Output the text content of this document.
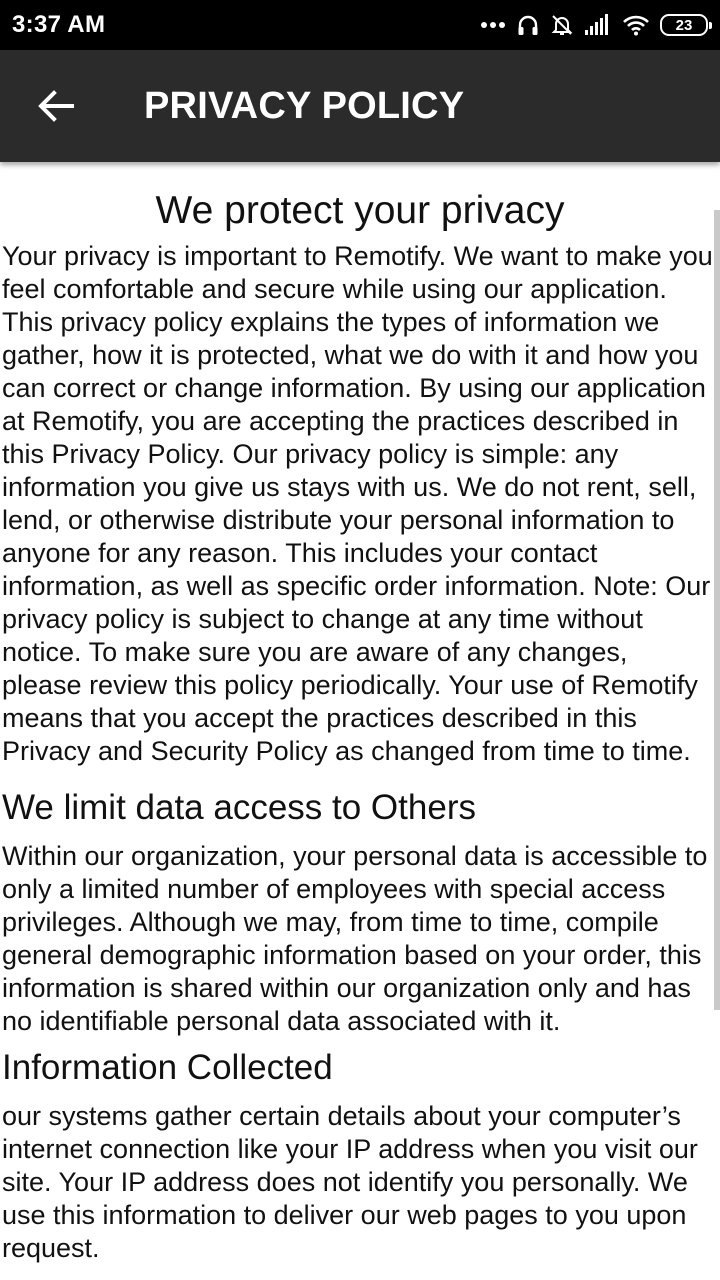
3:37 AM	23
PRIVACY POLICY
We protect your privacy

Your privacy is important to Remotify. We want to make you feel comfortable and secure while using our application. This privacy policy explains the types of information we gather, how it is protected, what we do with it and how you can correct or change information. By using our application at Remotify, you are accepting the practices described in this Privacy Policy. Our privacy policy is simple: any information you give us stays with us. We do not rent, sell, lend, or otherwise distribute your personal information to anyone for any reason. This includes your contact information, as well as specific order information. Note: Our privacy policy is subject to change at any time without notice. To make sure you are aware of any changes, please review this policy periodically. Your use of Remotify means that you accept the practices described in this Privacy and Security Policy as changed from time to time.

We limit data access to Others

Within our organization, your personal data is accessible to only a limited number of employees with special access privileges. Although we may, from time to time, compile general demographic information based on your order, this information is shared within our organization only and has no identifiable personal data associated with it.

Information Collected

our systems gather certain details about your computer’s internet connection like your IP address when you visit our site. Your IP address does not identify you personally. We use this information to deliver our web pages to you upon request.
